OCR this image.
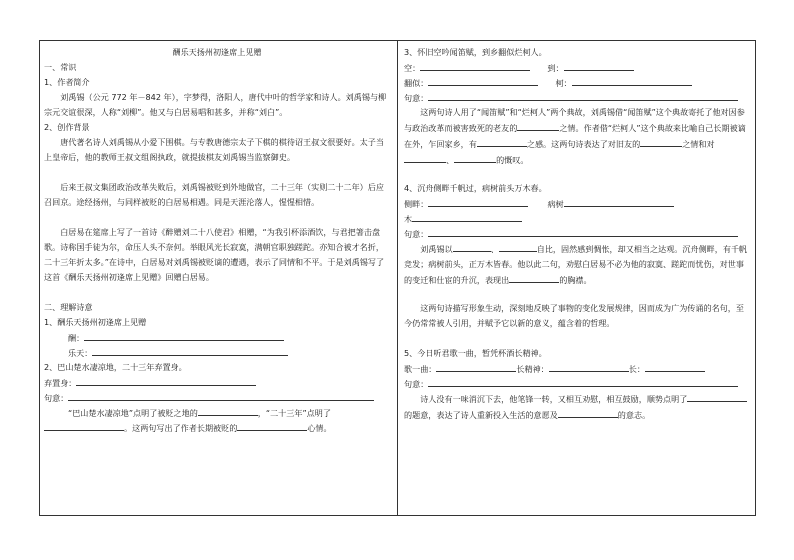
酬乐天扬州初逢席上见赠
一、常识
1、作者简介
刘禹锡（公元 772 年－842 年），字梦得，洛阳人，唐代中叶的哲学家和诗人。刘禹锡与柳宗元交谊很深，人称“刘柳”。他又与白居易唱和甚多，并称“刘白”。
2、创作背景
唐代著名诗人刘禹锡从小爱下围棋。与专教唐德宗太子下棋的棋待诏王叔文很要好。太子当上皇帝后，他的教师王叔文组阁执政，就提拔棋友刘禹锡当监察御史。
后来王叔文集团政治改革失败后，刘禹锡被贬到外地做官，二十三年（实则二十二年）后应召回京。途经扬州，与同样被贬的白居易相遇。同是天涯沦落人，惺惺相惜。
白居易在筵席上写了一首诗《醉赠刘二十八使君》相赠，“为我引杯添酒饮，与君把箸击盘歌。诗称国手徒为尔，命压人头不奈何。举眼风光长寂寞，满朝官职独蹉跎。亦知合被才名折，二十三年折太多。”在诗中，白居易对刘禹锡被贬谪的遭遇，表示了同情和不平。于是刘禹锡写了这首《酬乐天扬州初逢席上见赠》回赠白居易。
二、理解诗意
1、酬乐天扬州初逢席上见赠
酬：
乐天：
2、巴山楚水凄凉地，二十三年弃置身。
弃置身：
句意：
“巴山楚水凄凉地”点明了被贬之地的	，“二十三年”点明了
。这两句写出了作者长期被贬的	心情。
3、怀旧空吟闻笛赋，到乡翻似烂柯人。
空：	到：
翻似：	柯：
句意：
这两句诗人用了“闻笛赋”和“烂柯人”两个典故，刘禹锡借“闻笛赋”这个典故寄托了他对因参与政治改革而被害致死的老友的	之情。作者借“烂柯人”这个典故来比喻自己长期被谪在外，乍回家乡，有	之感。这两句诗表达了对旧友的	之情和对、	的慨叹。
4、沉舟侧畔千帆过，病树前头万木春。
侧畔：	病树
木
句意：
刘禹锡以	、	自比，固然感到惆怅，却又相当之达观。沉舟侧畔，有千帆竞发；病树前头，正万木皆春。他以此二句，劝慰白居易不必为他的寂寞、蹉跎而忧伤，对世事的变迁和仕宦的升沉，表现出	的胸襟。
这两句诗描写形象生动，深刻地反映了事物的变化发展规律，因而成为广为传诵的名句，至今仍常常被人引用，并赋予它以新的意义，蕴含着的哲理。
5、今日听君歌一曲，暂凭杯酒长精神。
歌一曲：	长精神：	长：
句意：
诗人没有一味消沉下去，他笔锋一转，又相互劝慰，相互鼓励，顺势点明了的题意，表达了诗人重新投入生活的意愿及	的意志。
